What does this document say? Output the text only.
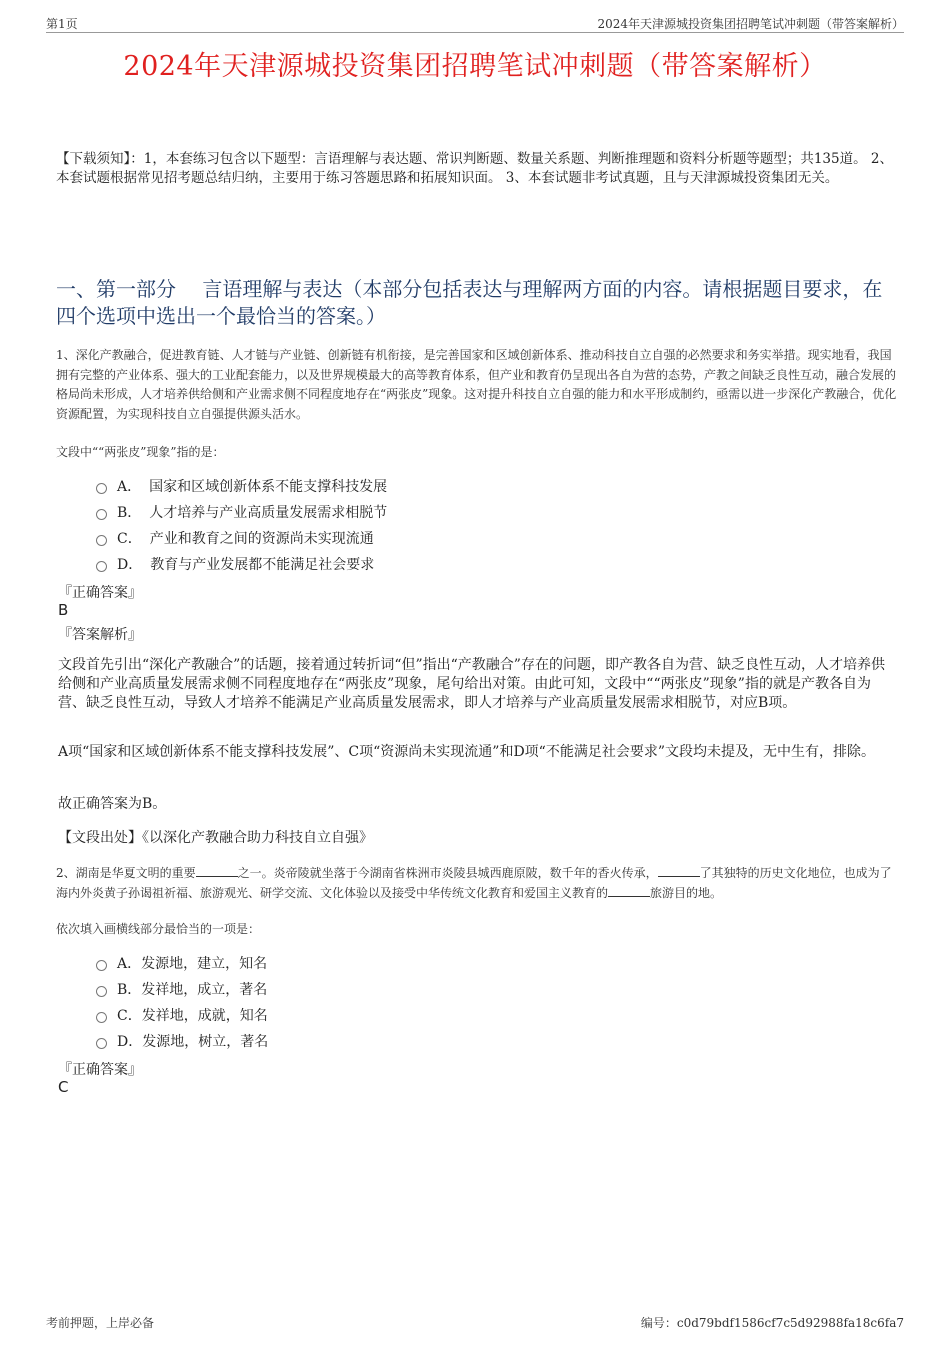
第1页	2024年天津源城投资集团招聘笔试冲刺题（带答案解析）
2024年天津源城投资集团招聘笔试冲刺题（带答案解析）
【下载须知】：1，本套练习包含以下题型：言语理解与表达题、常识判断题、数量关系题、判断推理题和资料分析题等题型；共135道。 2、本套试题根据常见招考题总结归纳，主要用于练习答题思路和拓展知识面。 3、本套试题非考试真题，且与天津源城投资集团无关。
一、第一部分　 言语理解与表达（本部分包括表达与理解两方面的内容。请根据题目要求，在四个选项中选出一个最恰当的答案。）
1、深化产教融合，促进教育链、人才链与产业链、创新链有机衔接，是完善国家和区域创新体系、推动科技自立自强的必然要求和务实举措。现实地看，我国拥有完整的产业体系、强大的工业配套能力，以及世界规模最大的高等教育体系，但产业和教育仍呈现出各自为营的态势，产教之间缺乏良性互动，融合发展的格局尚未形成，人才培养供给侧和产业需求侧不同程度地存在“两张皮”现象。这对提升科技自立自强的能力和水平形成制约，亟需以进一步深化产教融合，优化资源配置，为实现科技自立自强提供源头活水。
文段中““两张皮”现象”指的是：
A． 国家和区域创新体系不能支撑科技发展
B． 人才培养与产业高质量发展需求相脱节
C． 产业和教育之间的资源尚未实现流通
D． 教育与产业发展都不能满足社会要求
『正确答案』
B
『答案解析』
文段首先引出“深化产教融合”的话题，接着通过转折词“但”指出“产教融合”存在的问题，即产教各自为营、缺乏良性互动，人才培养供给侧和产业高质量发展需求侧不同程度地存在“两张皮”现象，尾句给出对策。由此可知，文段中““两张皮”现象”指的就是产教各自为营、缺乏良性互动，导致人才培养不能满足产业高质量发展需求，即人才培养与产业高质量发展需求相脱节，对应B项。
A项“国家和区域创新体系不能支撑科技发展”、C项“资源尚未实现流通”和D项“不能满足社会要求”文段均未提及，无中生有，排除。
故正确答案为B。
【文段出处】《以深化产教融合助力科技自立自强》
2、湖南是华夏文明的重要	之一。炎帝陵就坐落于今湖南省株洲市炎陵县城西鹿原陂，数千年的香火传承，	了其独特的历史文化地位，也成为了海内外炎黄子孙谒祖祈福、旅游观光、研学交流、文化体验以及接受中华传统文化教育和爱国主义教育的	旅游目的地。
依次填入画横线部分最恰当的一项是：
A． 发源地，建立，知名
B． 发祥地，成立，著名
C． 发祥地，成就，知名
D． 发源地，树立，著名
『正确答案』
C
考前押题，上岸必备	编号：c0d79bdf1586cf7c5d92988fa18c6fa7
